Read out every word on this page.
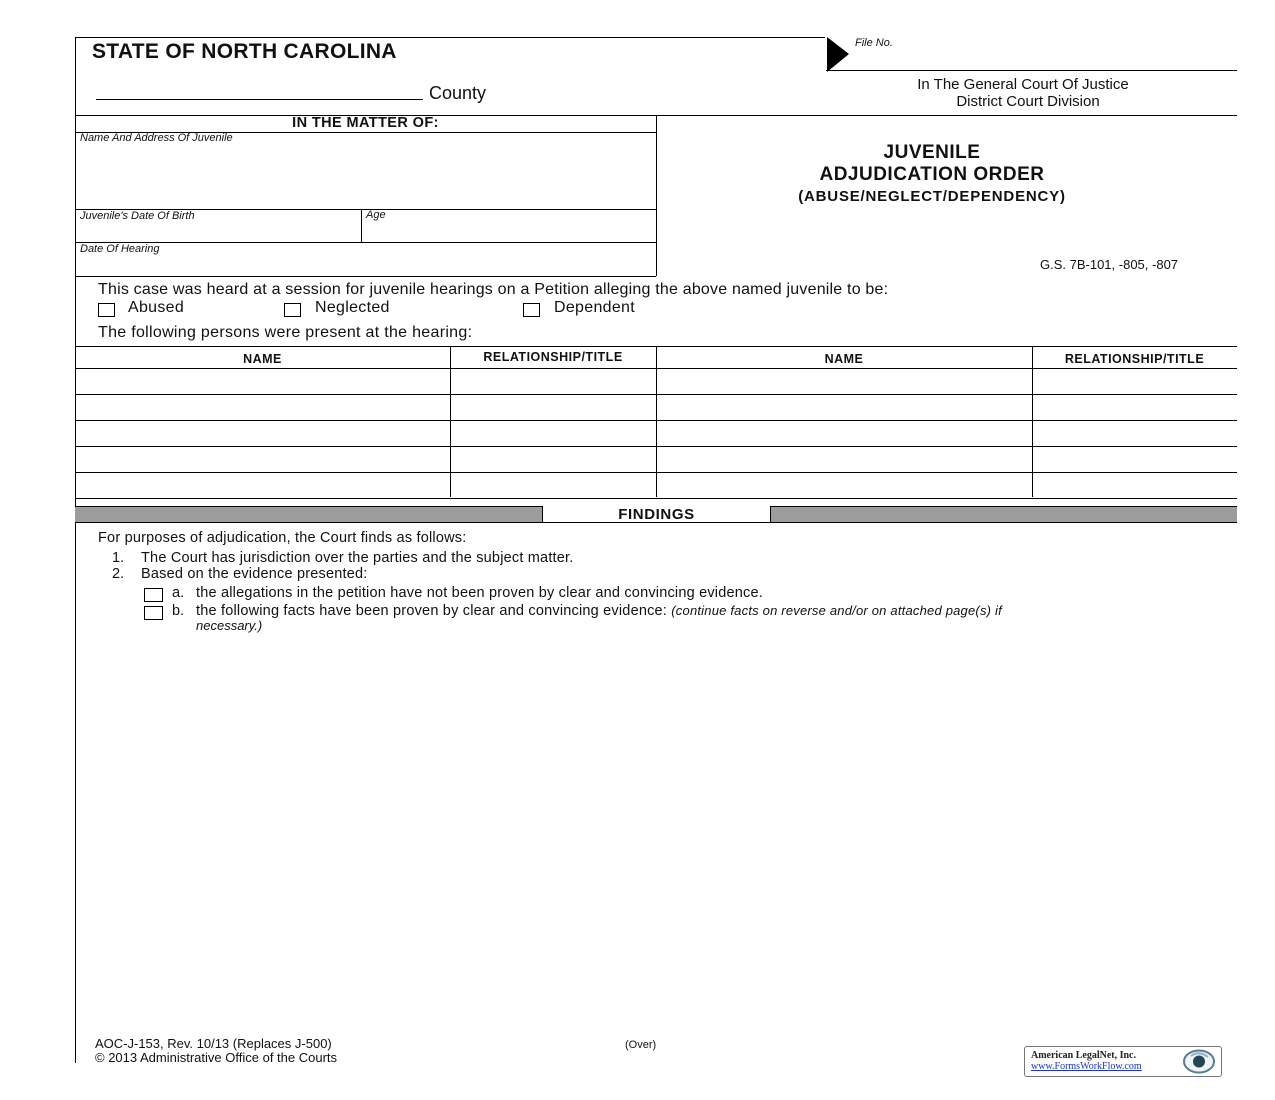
STATE OF NORTH CAROLINA
County
File No.
In The General Court Of Justice
District Court Division
IN THE MATTER OF:
Name And Address Of Juvenile
Juvenile's Date Of Birth	Age
Date Of Hearing
JUVENILE
ADJUDICATION ORDER
(ABUSE/NEGLECT/DEPENDENCY)
G.S. 7B-101, -805, -807
This case was heard at a session for juvenile hearings on a Petition alleging the above named juvenile to be:
Abused	Neglected	Dependent
The following persons were present at the hearing:
NAME	RELATIONSHIP/TITLE	NAME	RELATIONSHIP/TITLE
FINDINGS
For purposes of adjudication, the Court finds as follows:
1. The Court has jurisdiction over the parties and the subject matter.
2. Based on the evidence presented:
a. the allegations in the petition have not been proven by clear and convincing evidence.
b. the following facts have been proven by clear and convincing evidence: (continue facts on reverse and/or on attached page(s) if
necessary.)
AOC-J-153, Rev. 10/13 (Replaces J-500)
© 2013 Administrative Office of the Courts
(Over)
American LegalNet, Inc.
www.FormsWorkFlow.com
